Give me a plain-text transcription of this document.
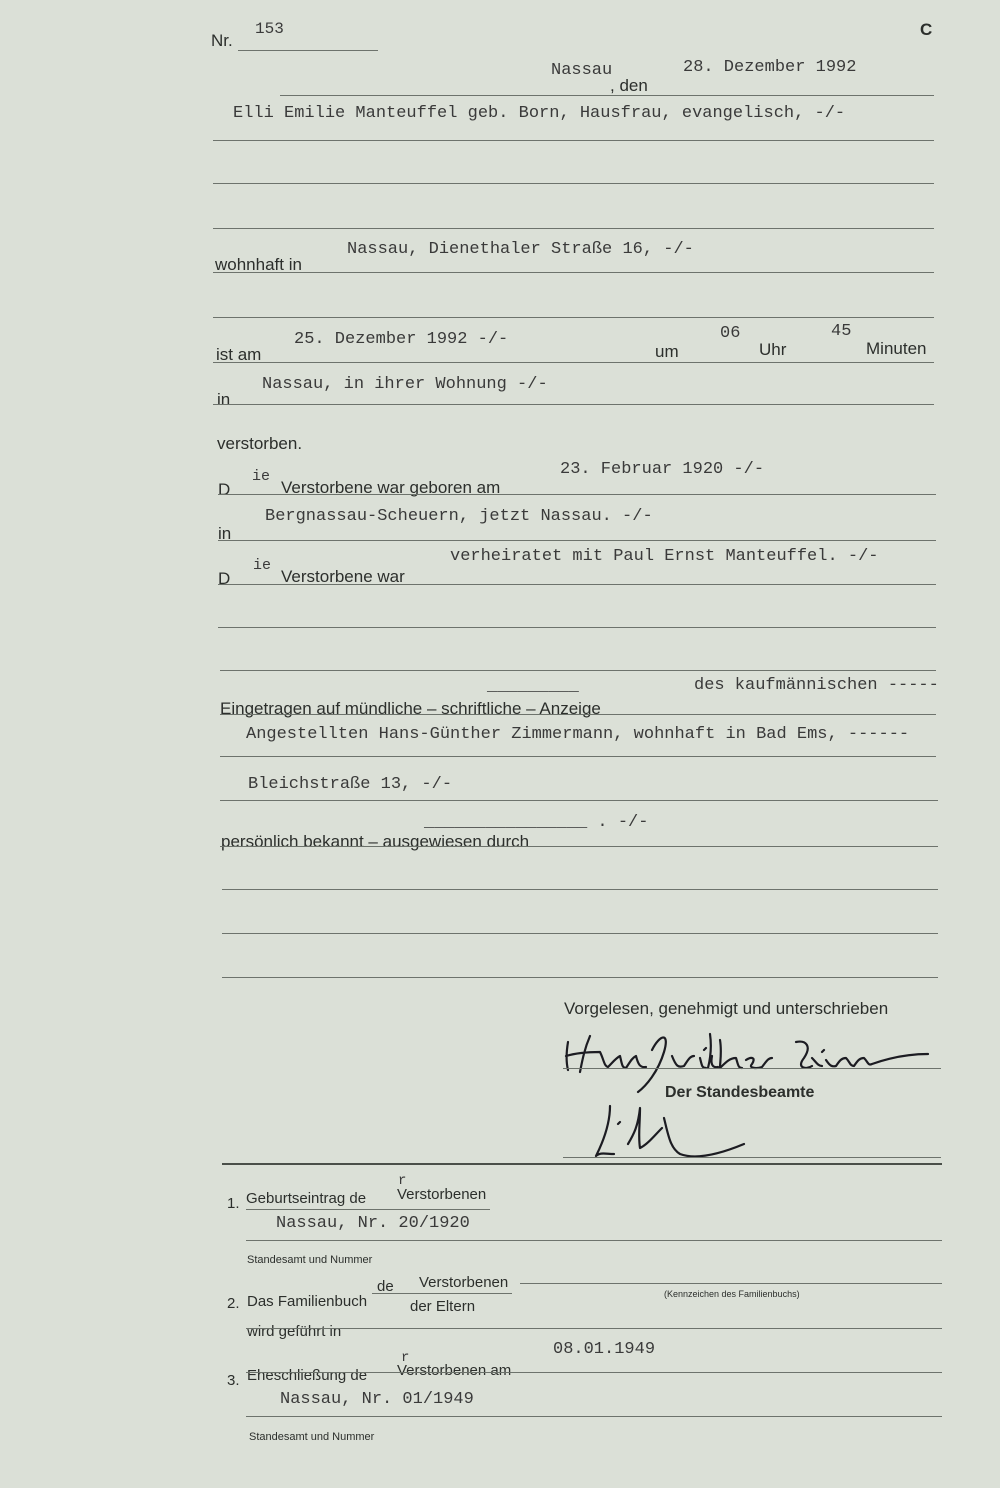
Nr.
153	C
Nassau
, den
28. Dezember 1992
Elli Emilie Manteuffel geb. Born, Hausfrau, evangelisch, -/-
wohnhaft in
Nassau, Dienethaler Straße 16, -/-
ist am
25. Dezember 1992 -/-
um
06
Uhr
45
Minuten
in
Nassau, in ihrer Wohnung -/-
verstorben.
D
ie
Verstorbene war geboren am
23. Februar 1920 -/-
in
Bergnassau-Scheuern, jetzt Nassau. -/-
D
ie
Verstorbene war
verheiratet mit Paul Ernst Manteuffel. -/-
_________	des kaufmännischen -----
Eingetragen auf mündliche – schriftliche – Anzeige
Angestellten Hans-Günther Zimmermann, wohnhaft in Bad Ems, ------
Bleichstraße 13, -/-
________________ . -/-
persönlich bekannt – ausgewiesen durch
Vorgelesen, genehmigt und unterschrieben
Der Standesbeamte
1. Geburtseintrag de
r
Verstorbenen
Nassau, Nr. 20/1920
Standesamt und Nummer
2. Das Familienbuch
de Verstorbenen
der Eltern
(Kennzeichen des Familienbuchs)
wird geführt in
3. Eheschließung de
r
Verstorbenen am
08.01.1949
Nassau, Nr. 01/1949
Standesamt und Nummer
